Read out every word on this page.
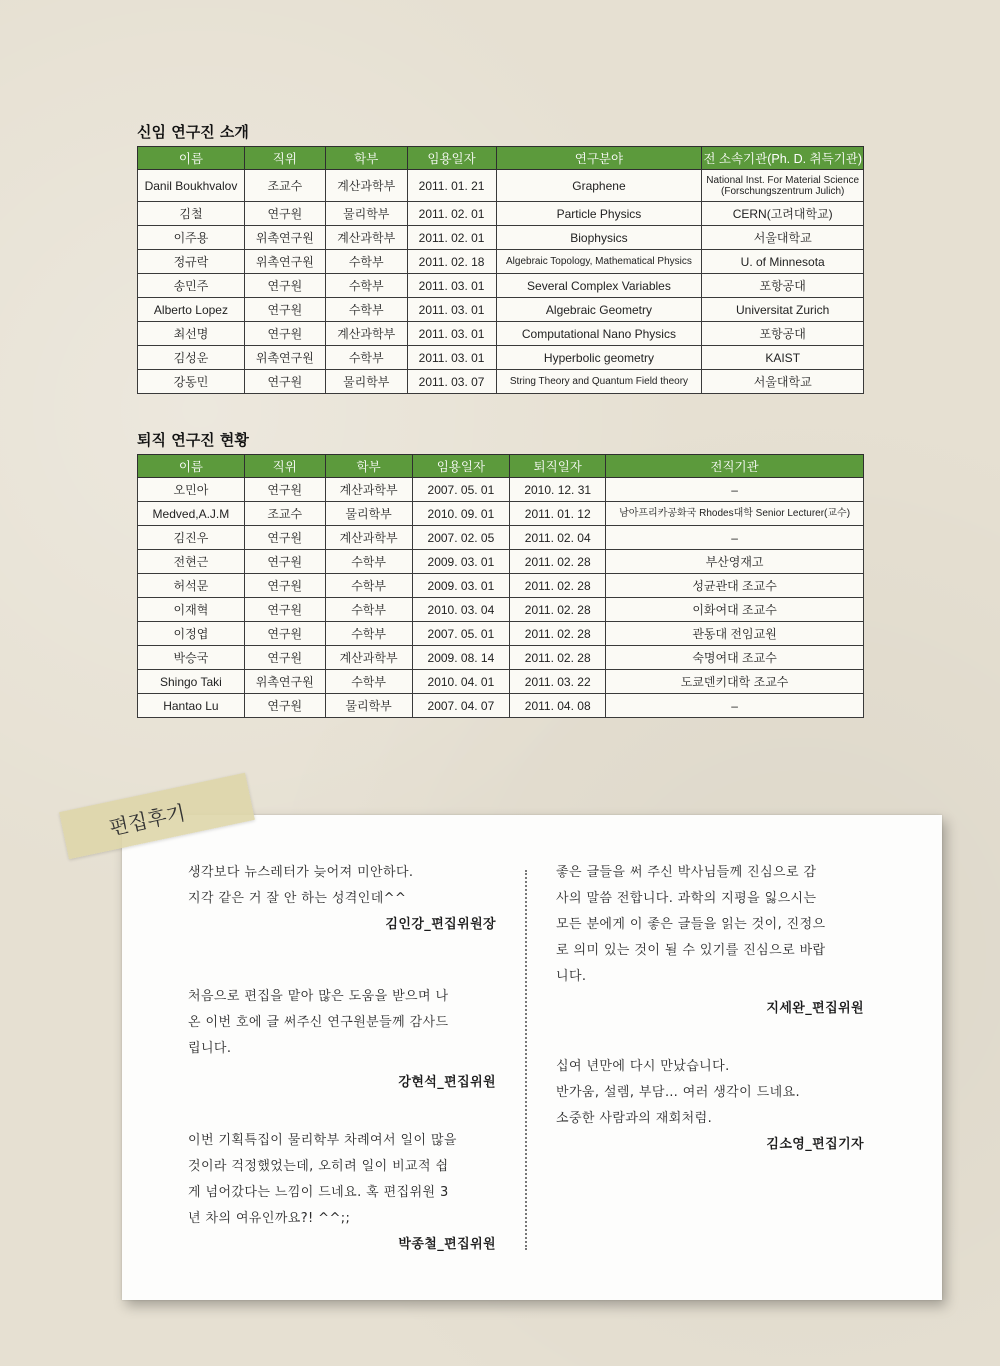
신임 연구진 소개
이름	직위	학부	임용일자	연구분야	전 소속기관(Ph. D. 취득기관)
Danil Boukhvalov	조교수	계산과학부	2011. 01. 21	Graphene	National Inst. For Material Science (Forschungszentrum Julich)
김철	연구원	물리학부	2011. 02. 01	Particle Physics	CERN(고려대학교)
이주용	위촉연구원	계산과학부	2011. 02. 01	Biophysics	서울대학교
정규락	위촉연구원	수학부	2011. 02. 18	Algebraic Topology, Mathematical Physics	U. of Minnesota
송민주	연구원	수학부	2011. 03. 01	Several Complex Variables	포항공대
Alberto Lopez	연구원	수학부	2011. 03. 01	Algebraic Geometry	Universitat Zurich
최선명	연구원	계산과학부	2011. 03. 01	Computational Nano Physics	포항공대
김성운	위촉연구원	수학부	2011. 03. 01	Hyperbolic geometry	KAIST
강동민	연구원	물리학부	2011. 03. 07	String Theory and Quantum Field theory	서울대학교
퇴직 연구진 현황
이름	직위	학부	임용일자	퇴직일자	전직기관
오민아	연구원	계산과학부	2007. 05. 01	2010. 12. 31	–
Medved,A.J.M	조교수	물리학부	2010. 09. 01	2011. 01. 12	남아프리카공화국 Rhodes대학 Senior Lecturer(교수)
김진우	연구원	계산과학부	2007. 02. 05	2011. 02. 04	–
전현근	연구원	수학부	2009. 03. 01	2011. 02. 28	부산영재고
허석문	연구원	수학부	2009. 03. 01	2011. 02. 28	성균관대 조교수
이재혁	연구원	수학부	2010. 03. 04	2011. 02. 28	이화여대 조교수
이정엽	연구원	수학부	2007. 05. 01	2011. 02. 28	관동대 전임교원
박승국	연구원	계산과학부	2009. 08. 14	2011. 02. 28	숙명여대 조교수
Shingo Taki	위촉연구원	수학부	2010. 04. 01	2011. 03. 22	도쿄덴키대학 조교수
Hantao Lu	연구원	물리학부	2007. 04. 07	2011. 04. 08	–
편집후기
생각보다 뉴스레터가 늦어져 미안하다.
지각 같은 거 잘 안 하는 성격인데^^
김인강_편집위원장
처음으로 편집을 맡아 많은 도움을 받으며 나
온 이번 호에 글 써주신 연구원분들께 감사드
립니다.
강현석_편집위원
이번 기획특집이 물리학부 차례여서 일이 많을
것이라 걱정했었는데, 오히려 일이 비교적 쉽
게 넘어갔다는 느낌이 드네요. 혹 편집위원 3
년 차의 여유인까요?! ^^;;
박종철_편집위원
좋은 글들을 써 주신 박사님들께 진심으로 감
사의 말씀 전합니다. 과학의 지평을 잃으시는
모든 분에게 이 좋은 글들을 읽는 것이, 진정으
로 의미 있는 것이 될 수 있기를 진심으로 바랍
니다.
지세완_편집위원
십여 년만에 다시 만났습니다.
반가움, 설렘, 부담… 여러 생각이 드네요.
소중한 사람과의 재회처럼.
김소영_편집기자
